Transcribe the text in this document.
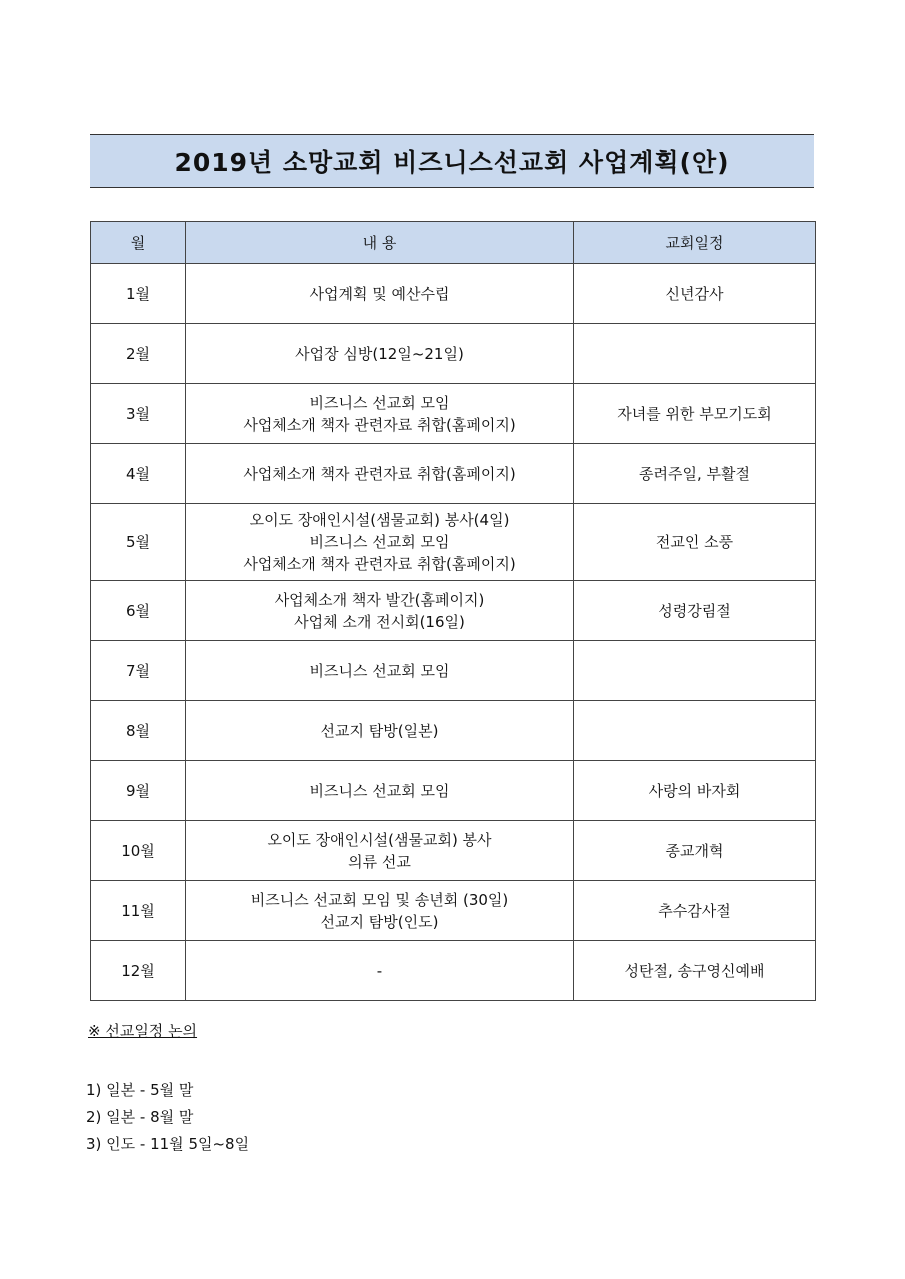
2019년 소망교회 비즈니스선교회 사업계획(안)
월	내 용	교회일정
1월	사업계획 및 예산수립	신년감사
2월	사업장 심방(12일~21일)	

3월	비즈니스 선교회 모임
사업체소개 책자 관련자료 취합(홈페이지)	자녀를 위한 부모기도회
4월	사업체소개 책자 관련자료 취합(홈페이지)	종려주일, 부활절
5월	오이도 장애인시설(샘물교회) 봉사(4일)
비즈니스 선교회 모임
사업체소개 책자 관련자료 취합(홈페이지)	전교인 소풍
6월	사업체소개 책자 발간(홈페이지)
사업체 소개 전시회(16일)	성령강림절
7월	비즈니스 선교회 모임	

8월	선교지 탐방(일본)	

9월	비즈니스 선교회 모임	사랑의 바자회
10월	오이도 장애인시설(샘물교회) 봉사
의류 선교	종교개혁
11월	비즈니스 선교회 모임 및 송년회 (30일)
선교지 탐방(인도)	추수감사절
12월	-	성탄절, 송구영신예배
※ 선교일정 논의
1) 일본 - 5월 말
2) 일본 - 8월 말
3) 인도 - 11월 5일~8일
